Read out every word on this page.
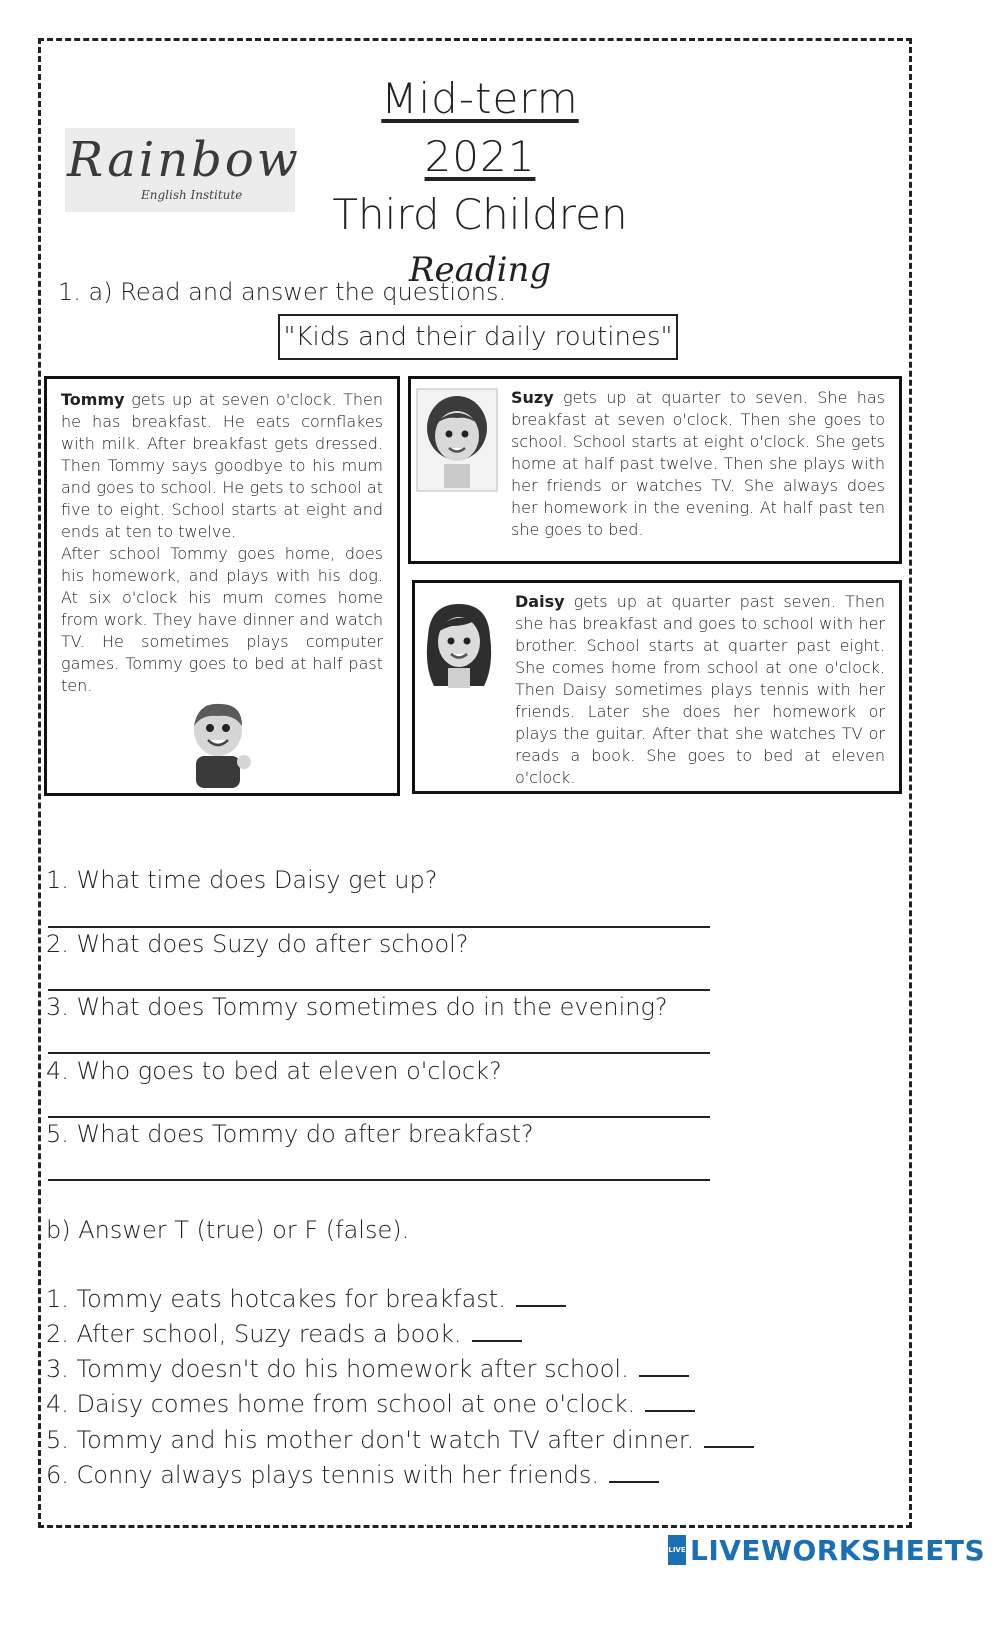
Rainbow
English Institute

Mid-term 2021

Third Children

Reading

1. a) Read and answer the questions.
"Kids and their daily routines"
Tommy gets up at seven o'clock. Then he has breakfast. He eats cornflakes with milk. After breakfast gets dressed. Then Tommy says goodbye to his mum and goes to school. He gets to school at five to eight. School starts at eight and ends at ten to twelve.
After school Tommy goes home, does his homework, and plays with his dog. At six o'clock his mum comes home from work. They have dinner and watch TV. He sometimes plays computer games. Tommy goes to bed at half past ten.
Suzy gets up at quarter to seven. She has breakfast at seven o'clock. Then she goes to school. School starts at eight o'clock. She gets home at half past twelve. Then she plays with her friends or watches TV. She always does her homework in the evening. At half past ten she goes to bed.
Daisy gets up at quarter past seven. Then she has breakfast and goes to school with her brother. School starts at quarter past eight. She comes home from school at one o'clock. Then Daisy sometimes plays tennis with her friends. Later she does her homework or plays the guitar. After that she watches TV or reads a book. She goes to bed at eleven o'clock.
1. What time does Daisy get up?
2. What does Suzy do after school?
3. What does Tommy sometimes do in the evening?
4. Who goes to bed at eleven o'clock?
5. What does Tommy do after breakfast?
b) Answer T (true) or F (false).
1. Tommy eats hotcakes for breakfast.
2. After school, Suzy reads a book.
3. Tommy doesn't do his homework after school.
4. Daisy comes home from school at one o'clock.
5. Tommy and his mother don't watch TV after dinner.
6. Conny always plays tennis with her friends.
LIVE LIVEWORKSHEETS
